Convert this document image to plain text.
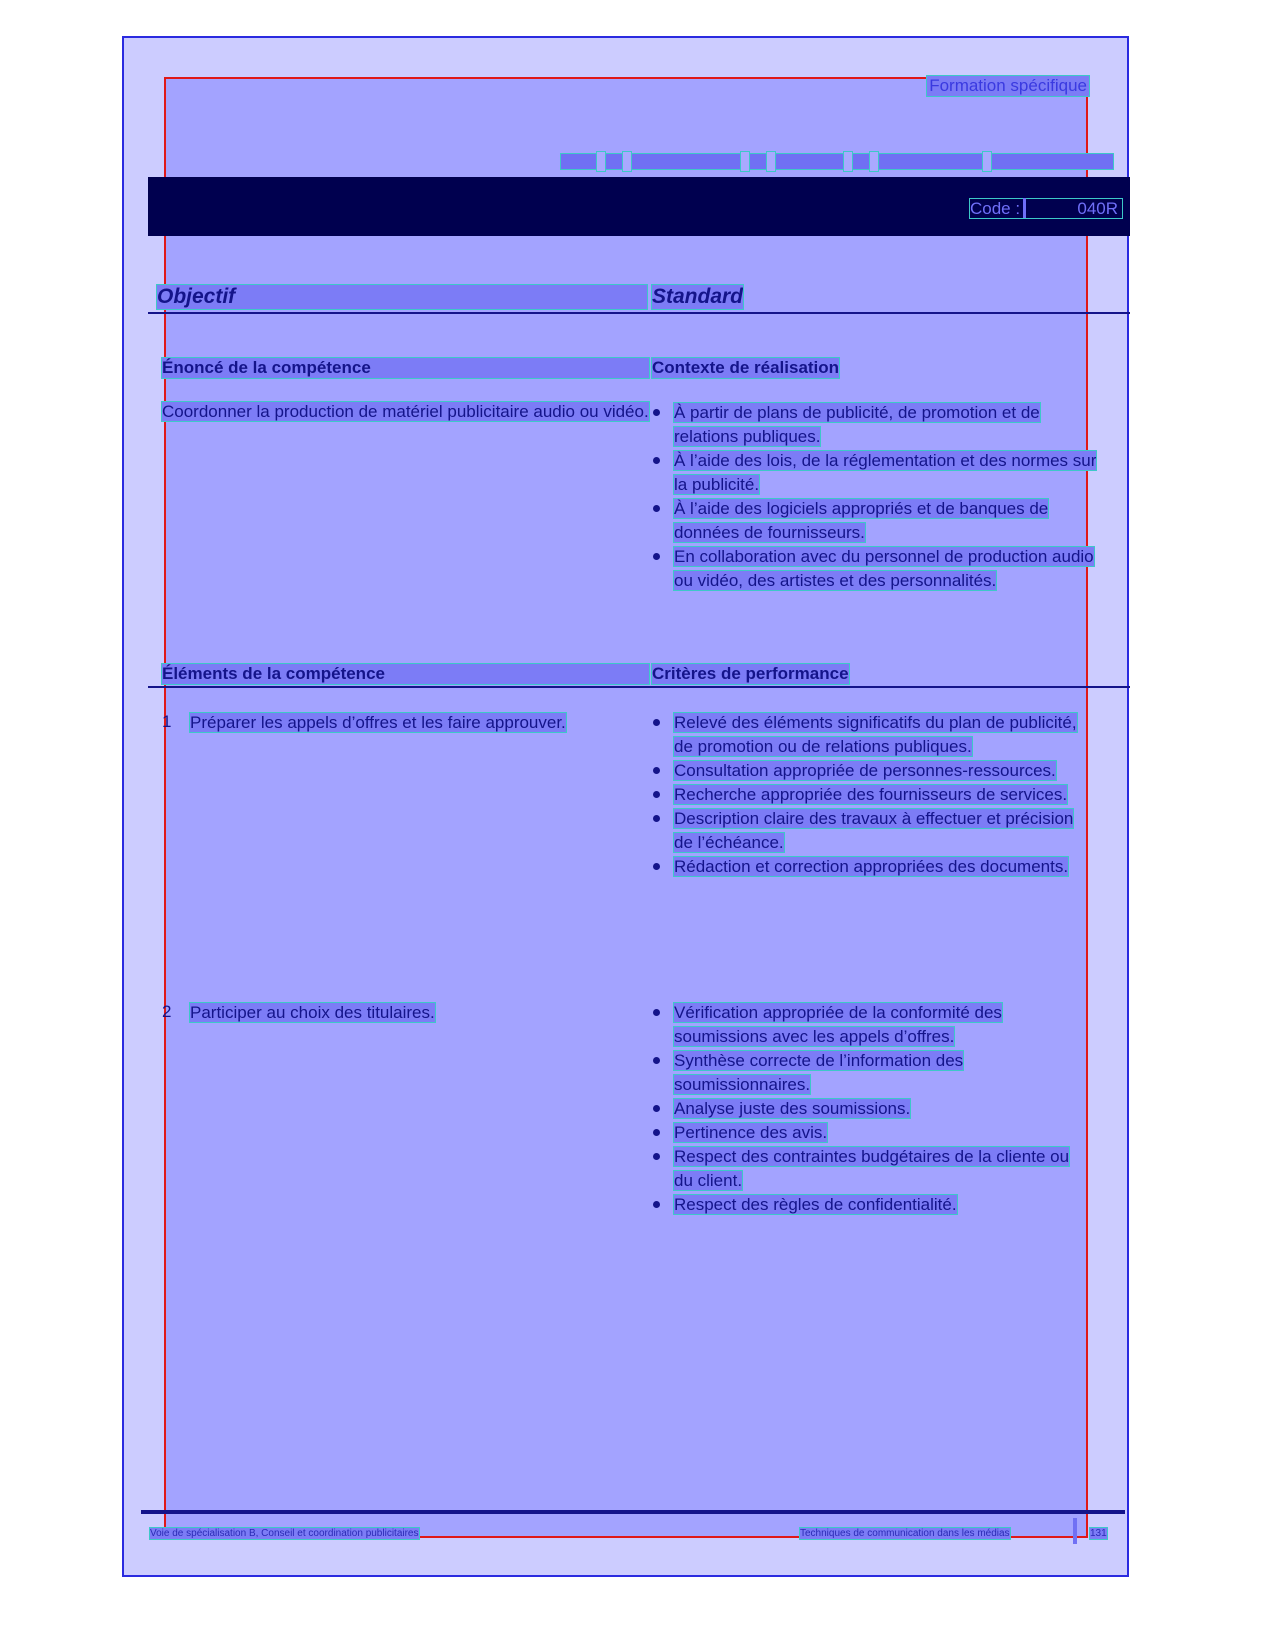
Formation spécifique
Code :	040R
Objectif	Standard
Énoncé de la compétence	Contexte de réalisation
Coordonner la production de matériel publicitaire audio ou vidéo.	À partir de plans de publicité, de promotion et de relations publiques.
À l’aide des lois, de la réglementation et des normes sur la publicité.
À l’aide des logiciels appropriés et de banques de données de fournisseurs.
En collaboration avec du personnel de production audio ou vidéo, des artistes et des personnalités.
Éléments de la compétence	Critères de performance
1 Préparer les appels d’offres et les faire approuver.	Relevé des éléments significatifs du plan de publicité, de promotion ou de relations publiques.
Consultation appropriée de personnes-ressources.
Recherche appropriée des fournisseurs de services.
Description claire des travaux à effectuer et précision de l’échéance.
Rédaction et correction appropriées des documents.
2 Participer au choix des titulaires.	Vérification appropriée de la conformité des soumissions avec les appels d’offres.
Synthèse correcte de l’information des soumissionnaires.
Analyse juste des soumissions.
Pertinence des avis.
Respect des contraintes budgétaires de la cliente ou du client.
Respect des règles de confidentialité.
Voie de spécialisation B, Conseil et coordination publicitaires	Techniques de communication dans les médias	131
